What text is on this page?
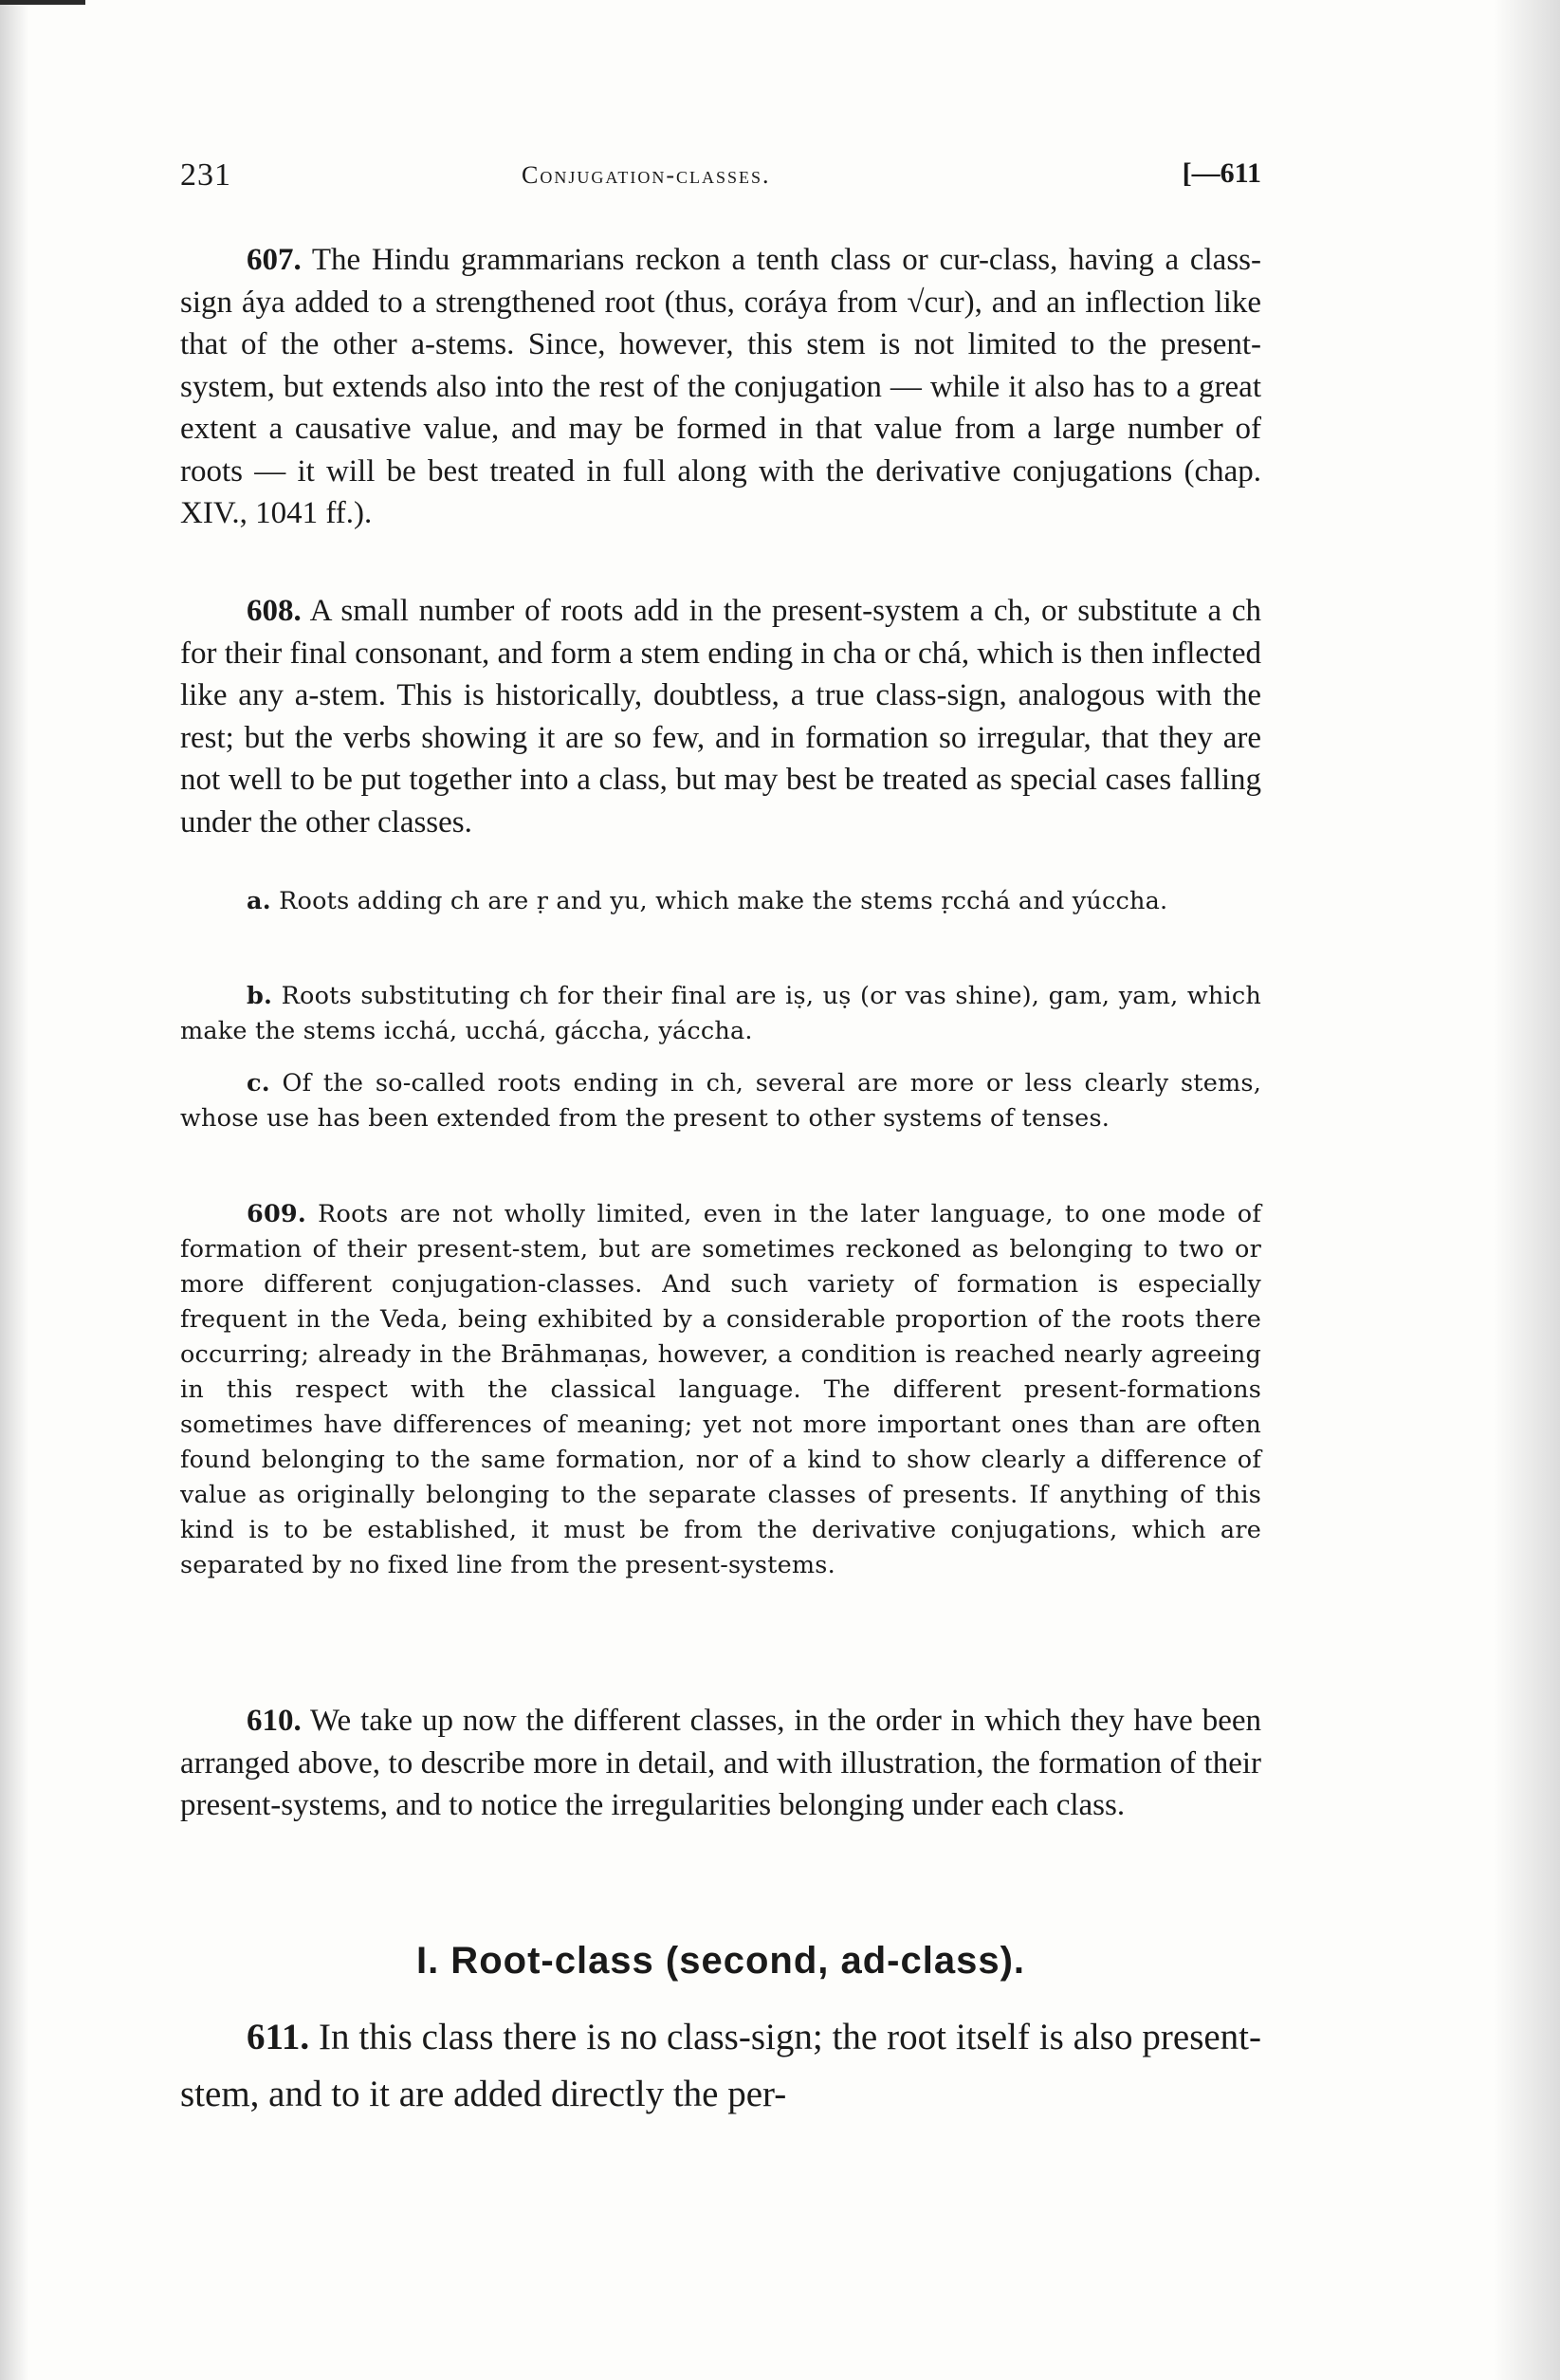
231	Conjugation-classes.	[—611

607. The Hindu grammarians reckon a tenth class or cur-class, having a class-sign áya added to a strengthened root (thus, coráya from √cur), and an inflection like that of the other a-stems. Since, however, this stem is not limited to the present-system, but extends also into the rest of the conjugation — while it also has to a great extent a causative value, and may be formed in that value from a large number of roots — it will be best treated in full along with the derivative conjugations (chap. XIV., 1041 ff.).

608. A small number of roots add in the present-system a ch, or substitute a ch for their final consonant, and form a stem ending in cha or chá, which is then inflected like any a-stem. This is historically, doubtless, a true class-sign, analogous with the rest; but the verbs showing it are so few, and in formation so irregular, that they are not well to be put together into a class, but may best be treated as special cases falling under the other classes.

a. Roots adding ch are ṛ and yu, which make the stems ṛcchá and yúccha.

b. Roots substituting ch for their final are iṣ, uṣ (or vas shine), gam, yam, which make the stems icchá, ucchá, gáccha, yáccha.

c. Of the so-called roots ending in ch, several are more or less clearly stems, whose use has been extended from the present to other systems of tenses.

609. Roots are not wholly limited, even in the later language, to one mode of formation of their present-stem, but are sometimes reckoned as belonging to two or more different conjugation-classes. And such variety of formation is especially frequent in the Veda, being exhibited by a considerable proportion of the roots there occurring; already in the Brāhmaṇas, however, a condition is reached nearly agreeing in this respect with the classical language. The different present-formations sometimes have differences of meaning; yet not more important ones than are often found belonging to the same formation, nor of a kind to show clearly a difference of value as originally belonging to the separate classes of presents. If anything of this kind is to be established, it must be from the derivative conjugations, which are separated by no fixed line from the present-systems.

610. We take up now the different classes, in the order in which they have been arranged above, to describe more in detail, and with illustration, the formation of their present-systems, and to notice the irregularities belonging under each class.

I. Root-class (second, ad-class).

611. In this class there is no class-sign; the root itself is also present-stem, and to it are added directly the per-
